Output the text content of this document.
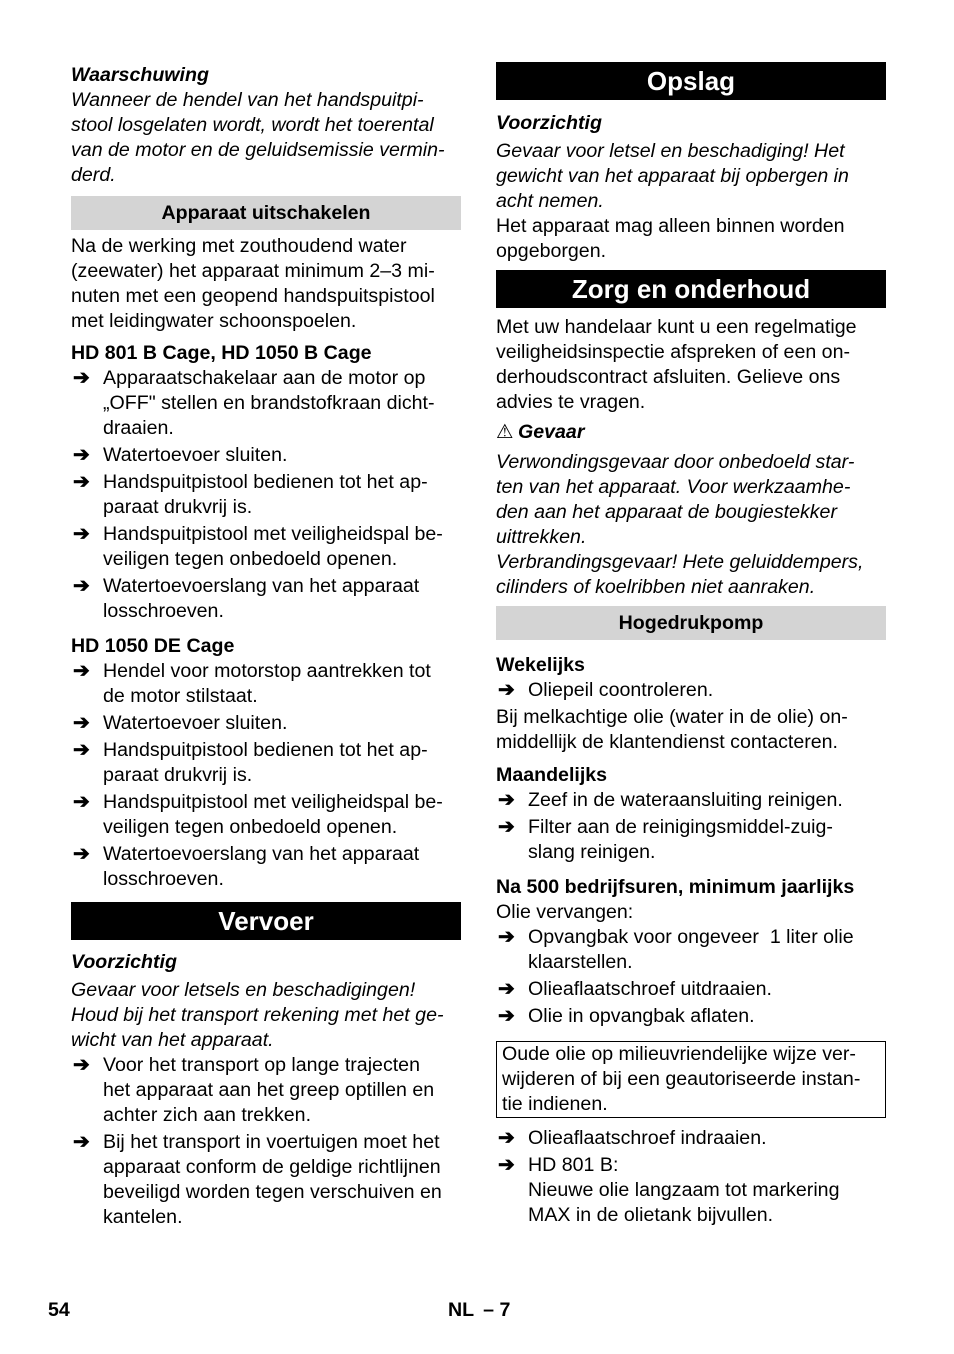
Waarschuwing
Wanneer de hendel van het handspuitpi-
stool losgelaten wordt, wordt het toerental
van de motor en de geluidsemissie vermin-
derd.
Apparaat uitschakelen
Na de werking met zouthoudend water
(zeewater) het apparaat minimum 2–3 mi-
nuten met een geopend handspuitspistool
met leidingwater schoonspoelen.
HD 801 B Cage, HD 1050 B Cage
➔ Apparaatschakelaar aan de motor op
„OFF" stellen en brandstofkraan dicht-
draaien.
➔ Watertoevoer sluiten.
➔ Handspuitpistool bedienen tot het ap-
paraat drukvrij is.
➔ Handspuitpistool met veiligheidspal be-
veiligen tegen onbedoeld openen.
➔ Watertoevoerslang van het apparaat
losschroeven.
HD 1050 DE Cage
➔ Hendel voor motorstop aantrekken tot
de motor stilstaat.
➔ Watertoevoer sluiten.
➔ Handspuitpistool bedienen tot het ap-
paraat drukvrij is.
➔ Handspuitpistool met veiligheidspal be-
veiligen tegen onbedoeld openen.
➔ Watertoevoerslang van het apparaat
losschroeven.
Vervoer
Voorzichtig
Gevaar voor letsels en beschadigingen!
Houd bij het transport rekening met het ge-
wicht van het apparaat.
➔ Voor het transport op lange trajecten
het apparaat aan het greep optillen en
achter zich aan trekken.
➔ Bij het transport in voertuigen moet het
apparaat conform de geldige richtlijnen
beveiligd worden tegen verschuiven en
kantelen.
Opslag
Voorzichtig
Gevaar voor letsel en beschadiging! Het
gewicht van het apparaat bij opbergen in
acht nemen.
Het apparaat mag alleen binnen worden
opgeborgen.
Zorg en onderhoud
Met uw handelaar kunt u een regelmatige
veiligheidsinspectie afspreken of een on-
derhoudscontract afsluiten. Gelieve ons
advies te vragen.
⚠ Gevaar
Verwondingsgevaar door onbedoeld star-
ten van het apparaat. Voor werkzaamhe-
den aan het apparaat de bougiestekker
uittrekken.
Verbrandingsgevaar! Hete geluiddempers,
cilinders of koelribben niet aanraken.
Hogedrukpomp
Wekelijks
➔ Oliepeil coontroleren.
Bij melkachtige olie (water in de olie) on-
middellijk de klantendienst contacteren.
Maandelijks
➔ Zeef in de wateraansluiting reinigen.
➔ Filter aan de reinigingsmiddel-zuig-
slang reinigen.
Na 500 bedrijfsuren, minimum jaarlijks
Olie vervangen:
➔ Opvangbak voor ongeveer  1 liter olie
klaarstellen.
➔ Olieaflaatschroef uitdraaien.
➔ Olie in opvangbak aflaten.
Oude olie op milieuvriendelijke wijze ver-
wijderen of bij een geautoriseerde instan-
tie indienen.
➔ Olieaflaatschroef indraaien.
➔ HD 801 B:
Nieuwe olie langzaam tot markering
MAX in de olietank bijvullen.
54	NL  – 7
